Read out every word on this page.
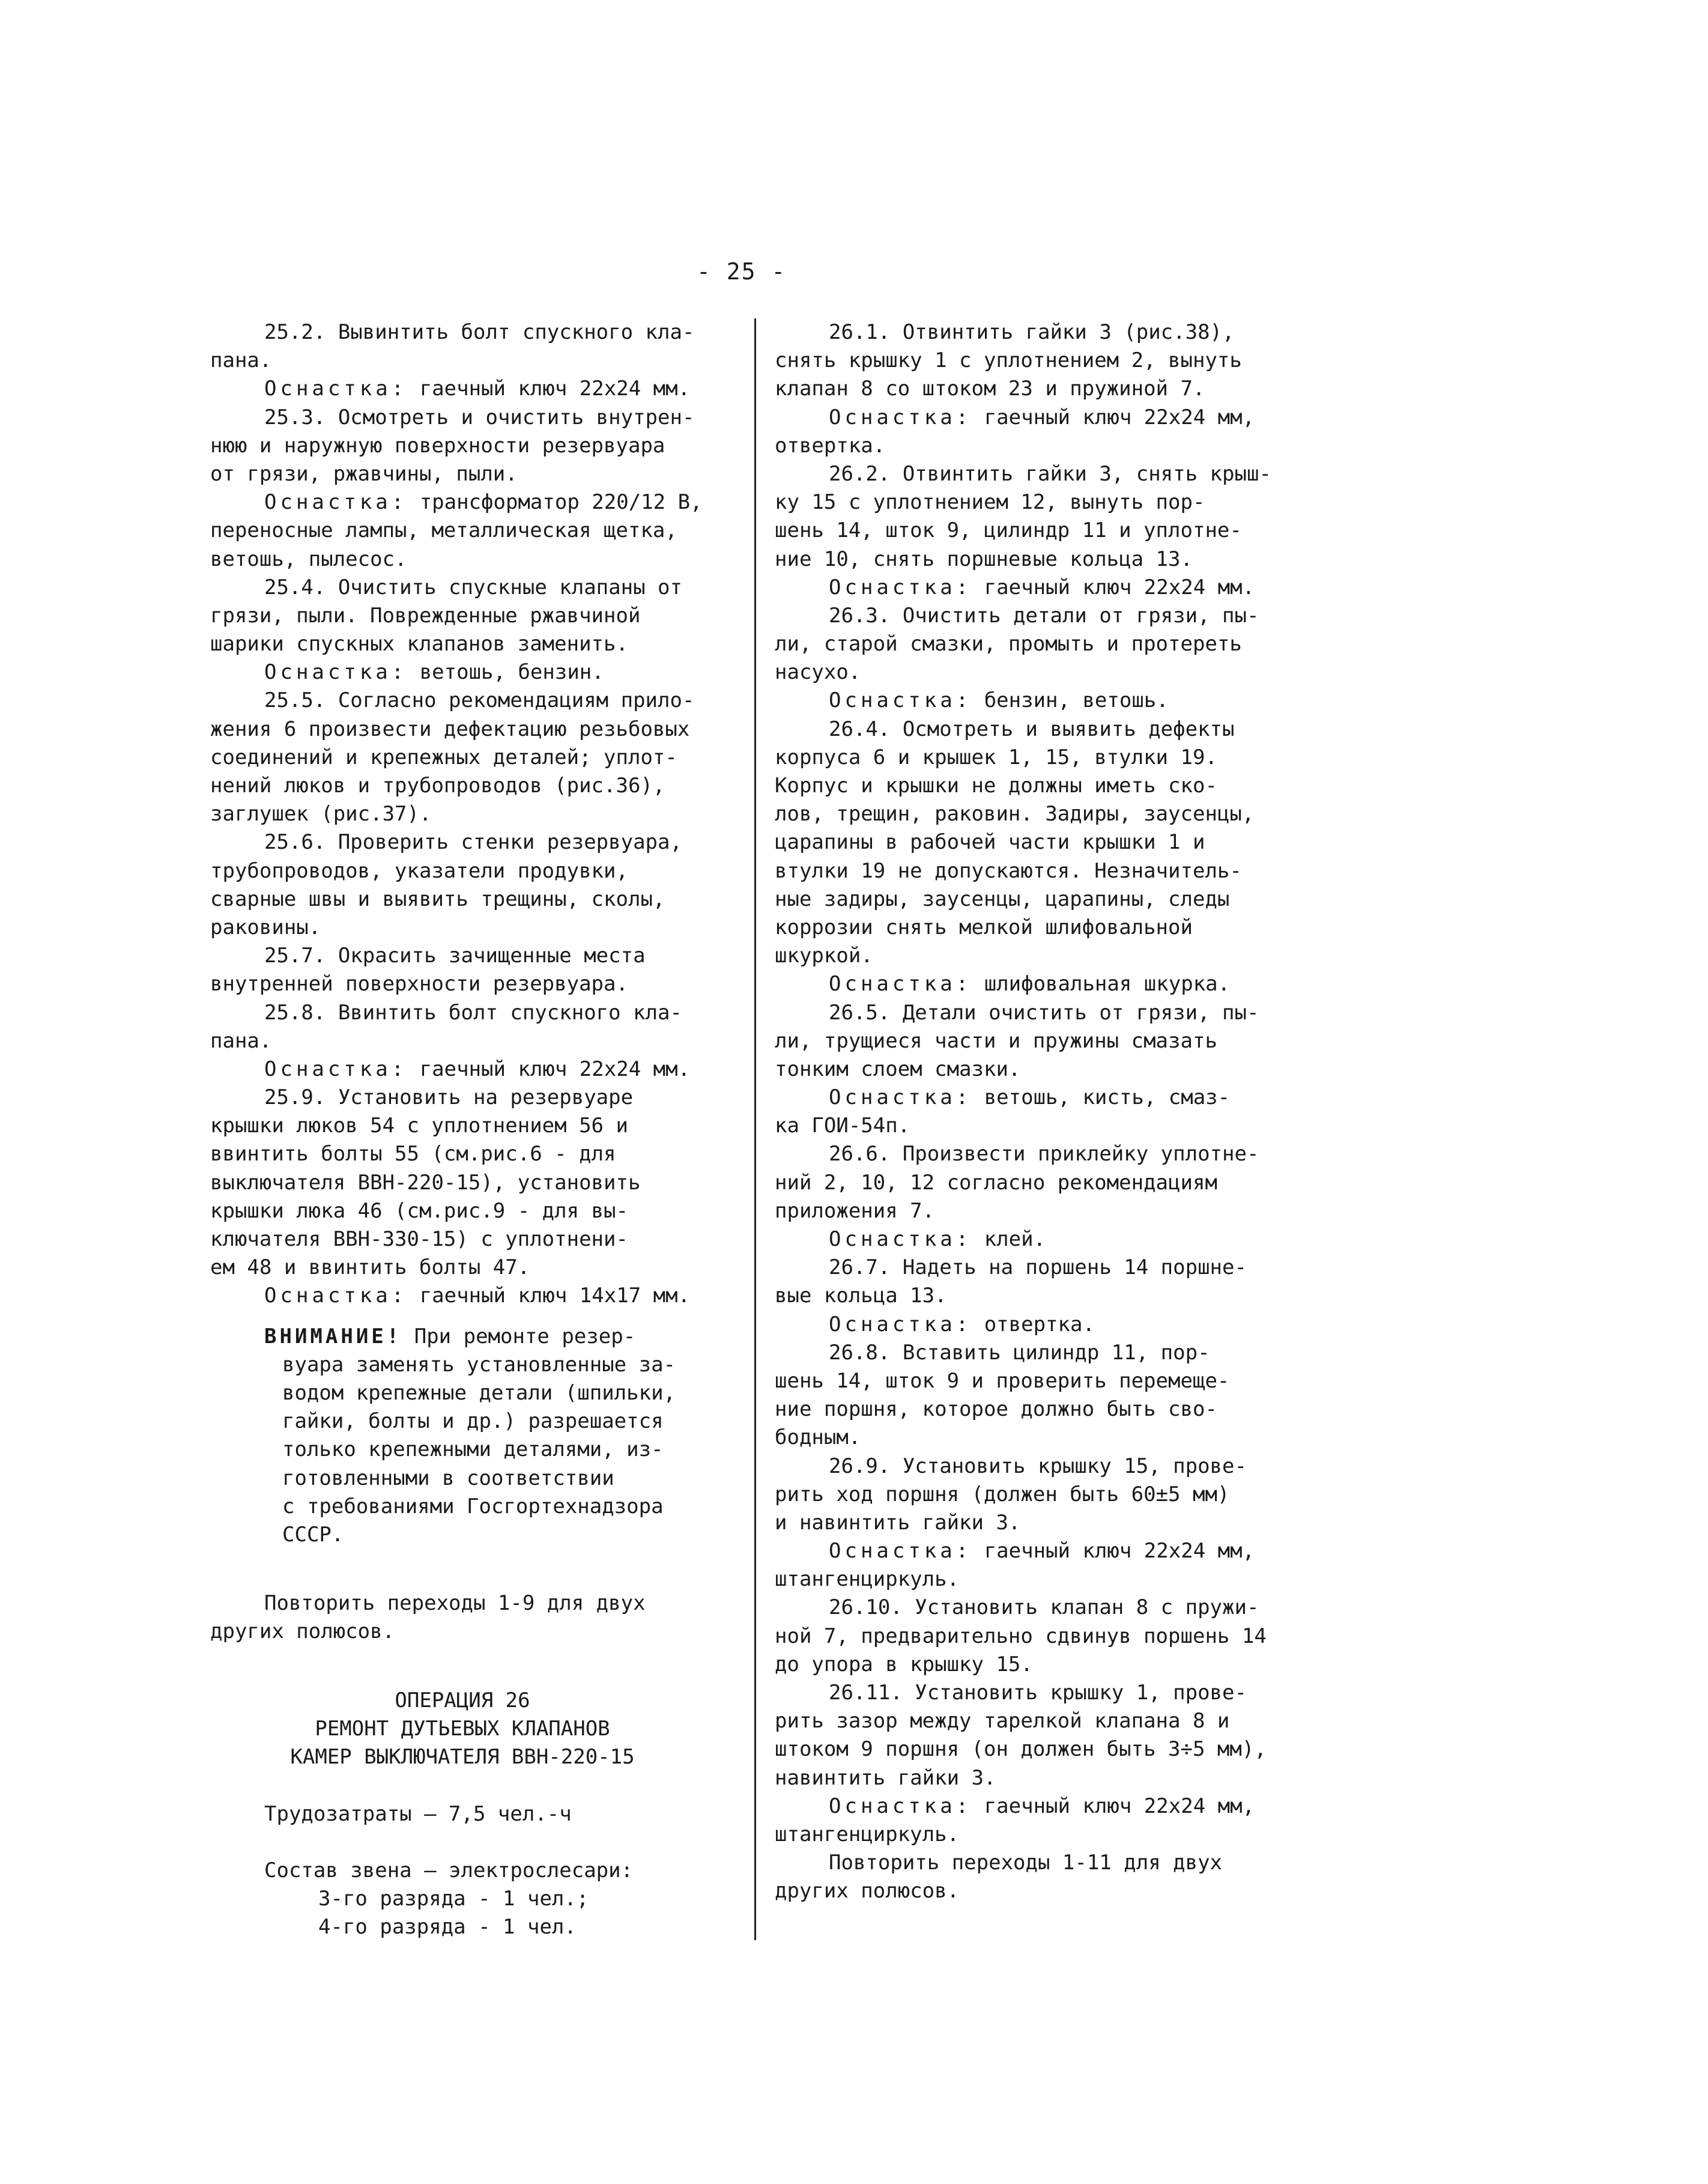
- 25 -
25.2. Вывинтить болт спускного кла-
пана.
Оснастка: гаечный ключ 22х24 мм.
25.3. Осмотреть и очистить внутрен-
нюю и наружную поверхности резервуара
от грязи, ржавчины, пыли.
Оснастка: трансформатор 220/12 В,
переносные лампы, металлическая щетка,
ветошь, пылесос.
25.4. Очистить спускные клапаны от
грязи, пыли. Поврежденные ржавчиной
шарики спускных клапанов заменить.
Оснастка: ветошь, бензин.
25.5. Согласно рекомендациям прило-
жения 6 произвести дефектацию резьбовых
соединений и крепежных деталей; уплот-
нений люков и трубопроводов (рис.36),
заглушек (рис.37).
25.6. Проверить стенки резервуара,
трубопроводов, указатели продувки,
сварные швы и выявить трещины, сколы,
раковины.
25.7. Окрасить зачищенные места
внутренней поверхности резервуара.
25.8. Ввинтить болт спускного кла-
пана.
Оснастка: гаечный ключ 22х24 мм.
25.9. Установить на резервуаре
крышки люков 54 с уплотнением 56 и
ввинтить болты 55 (см.рис.6 - для
выключателя ВВН-220-15), установить
крышки люка 46 (см.рис.9 - для вы-
ключателя ВВН-330-15) с уплотнени-
ем 48 и ввинтить болты 47.
Оснастка: гаечный ключ 14х17 мм.
ВНИМАНИЕ! При ремонте резер-
вуара заменять установленные за-
водом крепежные детали (шпильки,
гайки, болты и др.) разрешается
только крепежными деталями, из-
готовленными в соответствии
с требованиями Госгортехнадзора
СССР.
Повторить переходы 1-9 для двух
других полюсов.
ОПЕРАЦИЯ 26
РЕМОНТ ДУТЬЕВЫХ КЛАПАНОВ
КАМЕР ВЫКЛЮЧАТЕЛЯ ВВН-220-15
Трудозатраты — 7,5 чел.-ч
Состав звена — электрослесари:
3-го разряда - 1 чел.;
4-го разряда - 1 чел.
26.1. Отвинтить гайки 3 (рис.38),
снять крышку 1 с уплотнением 2, вынуть
клапан 8 со штоком 23 и пружиной 7.
Оснастка: гаечный ключ 22х24 мм,
отвертка.
26.2. Отвинтить гайки 3, снять крыш-
ку 15 с уплотнением 12, вынуть пор-
шень 14, шток 9, цилиндр 11 и уплотне-
ние 10, снять поршневые кольца 13.
Оснастка: гаечный ключ 22х24 мм.
26.3. Очистить детали от грязи, пы-
ли, старой смазки, промыть и протереть
насухо.
Оснастка: бензин, ветошь.
26.4. Осмотреть и выявить дефекты
корпуса 6 и крышек 1, 15, втулки 19.
Корпус и крышки не должны иметь ско-
лов, трещин, раковин. Задиры, заусенцы,
царапины в рабочей части крышки 1 и
втулки 19 не допускаются. Незначитель-
ные задиры, заусенцы, царапины, следы
коррозии снять мелкой шлифовальной
шкуркой.
Оснастка: шлифовальная шкурка.
26.5. Детали очистить от грязи, пы-
ли, трущиеся части и пружины смазать
тонким слоем смазки.
Оснастка: ветошь, кисть, смаз-
ка ГОИ-54п.
26.6. Произвести приклейку уплотне-
ний 2, 10, 12 согласно рекомендациям
приложения 7.
Оснастка: клей.
26.7. Надеть на поршень 14 поршне-
вые кольца 13.
Оснастка: отвертка.
26.8. Вставить цилиндр 11, пор-
шень 14, шток 9 и проверить перемеще-
ние поршня, которое должно быть сво-
бодным.
26.9. Установить крышку 15, прове-
рить ход поршня (должен быть 60±5 мм)
и навинтить гайки 3.
Оснастка: гаечный ключ 22х24 мм,
штангенциркуль.
26.10. Установить клапан 8 с пружи-
ной 7, предварительно сдвинув поршень 14
до упора в крышку 15.
26.11. Установить крышку 1, прове-
рить зазор между тарелкой клапана 8 и
штоком 9 поршня (он должен быть 3÷5 мм),
навинтить гайки 3.
Оснастка: гаечный ключ 22х24 мм,
штангенциркуль.
Повторить переходы 1-11 для двух
других полюсов.
